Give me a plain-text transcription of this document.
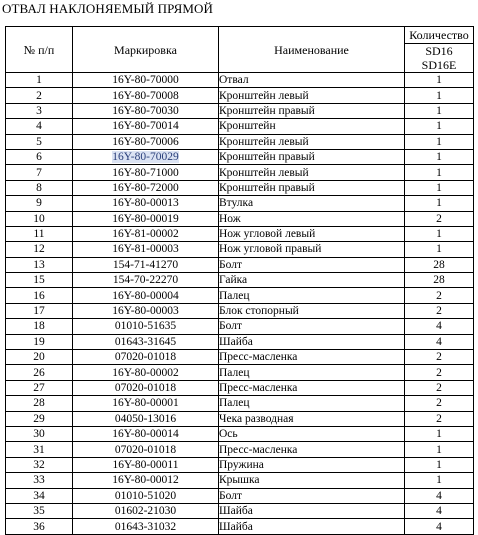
ОТВАЛ НАКЛОНЯЕМЫЙ ПРЯМОЙ
№ п/п	Маркировка	Наименование	Количество
			SD16
			SD16E
1	16Y-80-70000	Отвал	1
2	16Y-80-70008	Кронштейн левый	1
3	16Y-80-70030	Кронштейн правый	1
4	16Y-80-70014	Кронштейн	1
5	16Y-80-70006	Кронштейн левый	1
6	16Y-80-70029	Кронштейн правый	1
7	16Y-80-71000	Кронштейн левый	1
8	16Y-80-72000	Кронштейн правый	1
9	16Y-80-00013	Втулка	1
10	16Y-80-00019	Нож	2
11	16Y-81-00002	Нож угловой левый	1
12	16Y-81-00003	Нож угловой правый	1
13	154-71-41270	Болт	28
15	154-70-22270	Гайка	28
16	16Y-80-00004	Палец	2
17	16Y-80-00003	Блок стопорный	2
18	01010-51635	Болт	4
19	01643-31645	Шайба	4
20	07020-01018	Пресс-масленка	2
26	16Y-80-00002	Палец	2
27	07020-01018	Пресс-масленка	2
28	16Y-80-00001	Палец	2
29	04050-13016	Чека разводная	2
30	16Y-80-00014	Ось	1
31	07020-01018	Пресс-масленка	1
32	16Y-80-00011	Пружина	1
33	16Y-80-00012	Крышка	1
34	01010-51020	Болт	4
35	01602-21030	Шайба	4
36	01643-31032	Шайба	4
